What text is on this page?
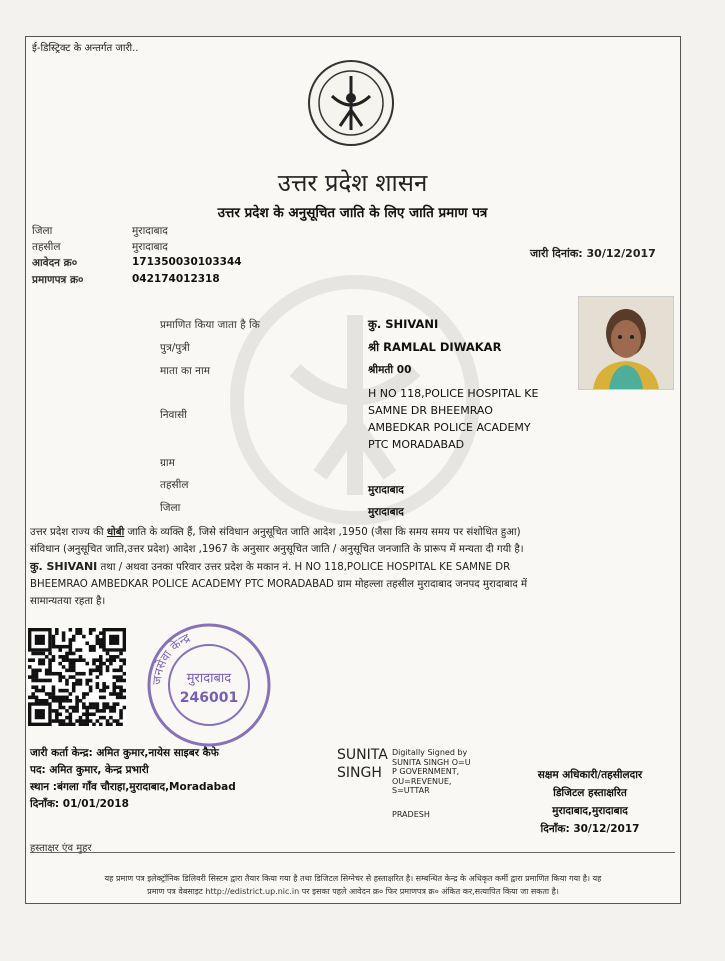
ई-डिस्ट्रिक्ट के अन्तर्गत जारी..
उत्तर प्रदेश शासन
उत्तर प्रदेश के अनुसूचित जाति के लिए जाति प्रमाण पत्र
जिला	मुरादाबाद
तहसील	मुरादाबाद
आवेदन क्र०	171350030103344
प्रमाणपत्र क्र०	042174012318
जारी दिनांक: 30/12/2017
प्रमाणित किया जाता है कि	कु. SHIVANI
पुत्र/पुत्री	श्री RAMLAL DIWAKAR
माता का नाम	श्रीमती 00
निवासी
H NO 118,POLICE HOSPITAL KE
SAMNE DR BHEEMRAO
AMBEDKAR POLICE ACADEMY
PTC MORADABAD
ग्राम
तहसील	मुरादाबाद
जिला	मुरादाबाद
उत्तर प्रदेश राज्य की धोबी जाति के व्यक्ति हैं, जिसे संविधान अनुसूचित जाति आदेश ,1950 (जैसा कि समय समय पर संशोधित हुआ)
संविधान (अनुसूचित जाति,उत्तर प्रदेश) आदेश ,1967 के अनुसार अनुसूचित जाति / अनुसूचित जनजाति के प्रारूप में मन्यता दी गयी है।
कु. SHIVANI तथा / अथवा उनका परिवार उत्तर प्रदेश के मकान नं. H NO 118,POLICE HOSPITAL KE SAMNE DR
BHEEMRAO AMBEDKAR POLICE ACADEMY PTC MORADABAD ग्राम मोहल्ला तहसील मुरादाबाद जनपद मुरादाबाद में
सामान्यतया रहता है।
जनसेवा केन्द्र
मुरादाबाद
246001
जारी कर्ता केन्द्र: अमित कुमार,नायेस साइबर कैफे
पद: अमित कुमार, केन्द्र प्रभारी
स्थान :बंगला गाँव चौराहा,मुरादाबाद,Moradabad
दिनाँक: 01/01/2018
SUNITA
SINGH
Digitally Signed by
SUNITA SINGH O=U
P GOVERNMENT,
OU=REVENUE,
S=UTTAR
PRADESH
सक्षम अधिकारी/तहसीलदार
डिजिटल हस्ताक्षरित
मुरादाबाद,मुरादाबाद
दिनाँक: 30/12/2017
हस्ताक्षर एंव मुहर
यह प्रमाण पत्र इलेक्ट्रॉनिक डिलिवरी सिस्टम द्वारा तैयार किया गया है तथा डिजिटल सिग्नेचर से हस्ताक्षरित है। सम्बन्धित केन्द्र के अधिकृत कर्मी द्वारा प्रमाणित किया गया है। यह
प्रमाण पत्र वेबसाइट http://edistrict.up.nic.in पर इसका पहले आवेदन क्र० फिर प्रमाणपत्र क्र० अंकित कर,सत्यापित किया जा सकता है।
